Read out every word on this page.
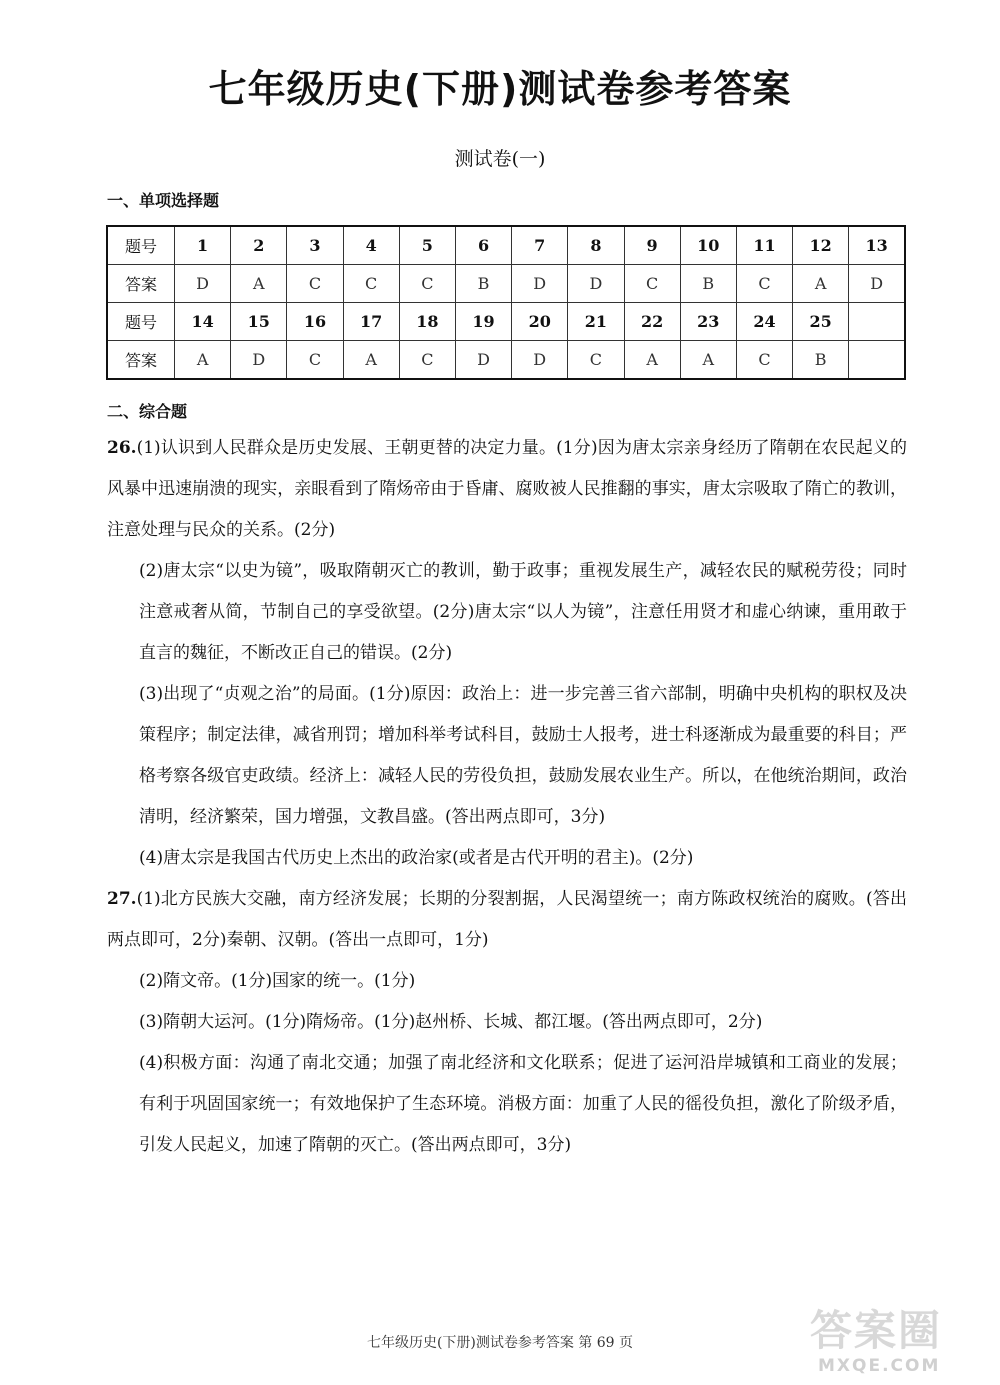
七年级历史(下册)测试卷参考答案
测试卷(一)
一、单项选择题
题号	1	2	3	4	5	6	7	8	9	10	11	12	13
答案	D	A	C	C	C	B	D	D	C	B	C	A	D
题号	14	15	16	17	18	19	20	21	22	23	24	25	
答案	A	D	C	A	C	D	D	C	A	A	C	B	
二、综合题
26.(1)认识到人民群众是历史发展、王朝更替的决定力量。(1分)因为唐太宗亲身经历了隋朝在农民起义的风暴中迅速崩溃的现实，亲眼看到了隋炀帝由于昏庸、腐败被人民推翻的事实，唐太宗吸取了隋亡的教训，注意处理与民众的关系。(2分)
(2)唐太宗“以史为镜”，吸取隋朝灭亡的教训，勤于政事；重视发展生产，减轻农民的赋税劳役；同时注意戒奢从简，节制自己的享受欲望。(2分)唐太宗“以人为镜”，注意任用贤才和虚心纳谏，重用敢于直言的魏征，不断改正自己的错误。(2分)
(3)出现了“贞观之治”的局面。(1分)原因：政治上：进一步完善三省六部制，明确中央机构的职权及决策程序；制定法律，减省刑罚；增加科举考试科目，鼓励士人报考，进士科逐渐成为最重要的科目；严格考察各级官吏政绩。经济上：减轻人民的劳役负担，鼓励发展农业生产。所以，在他统治期间，政治清明，经济繁荣，国力增强，文教昌盛。(答出两点即可，3分)
(4)唐太宗是我国古代历史上杰出的政治家(或者是古代开明的君主)。(2分)
27.(1)北方民族大交融，南方经济发展；长期的分裂割据，人民渴望统一；南方陈政权统治的腐败。(答出两点即可，2分)秦朝、汉朝。(答出一点即可，1分)
(2)隋文帝。(1分)国家的统一。(1分)
(3)隋朝大运河。(1分)隋炀帝。(1分)赵州桥、长城、都江堰。(答出两点即可，2分)
(4)积极方面：沟通了南北交通；加强了南北经济和文化联系；促进了运河沿岸城镇和工商业的发展；有利于巩固国家统一；有效地保护了生态环境。消极方面：加重了人民的徭役负担，激化了阶级矛盾，引发人民起义，加速了隋朝的灭亡。(答出两点即可，3分)
七年级历史(下册)测试卷参考答案 第 69 页	答案圈
MXQE.COM
